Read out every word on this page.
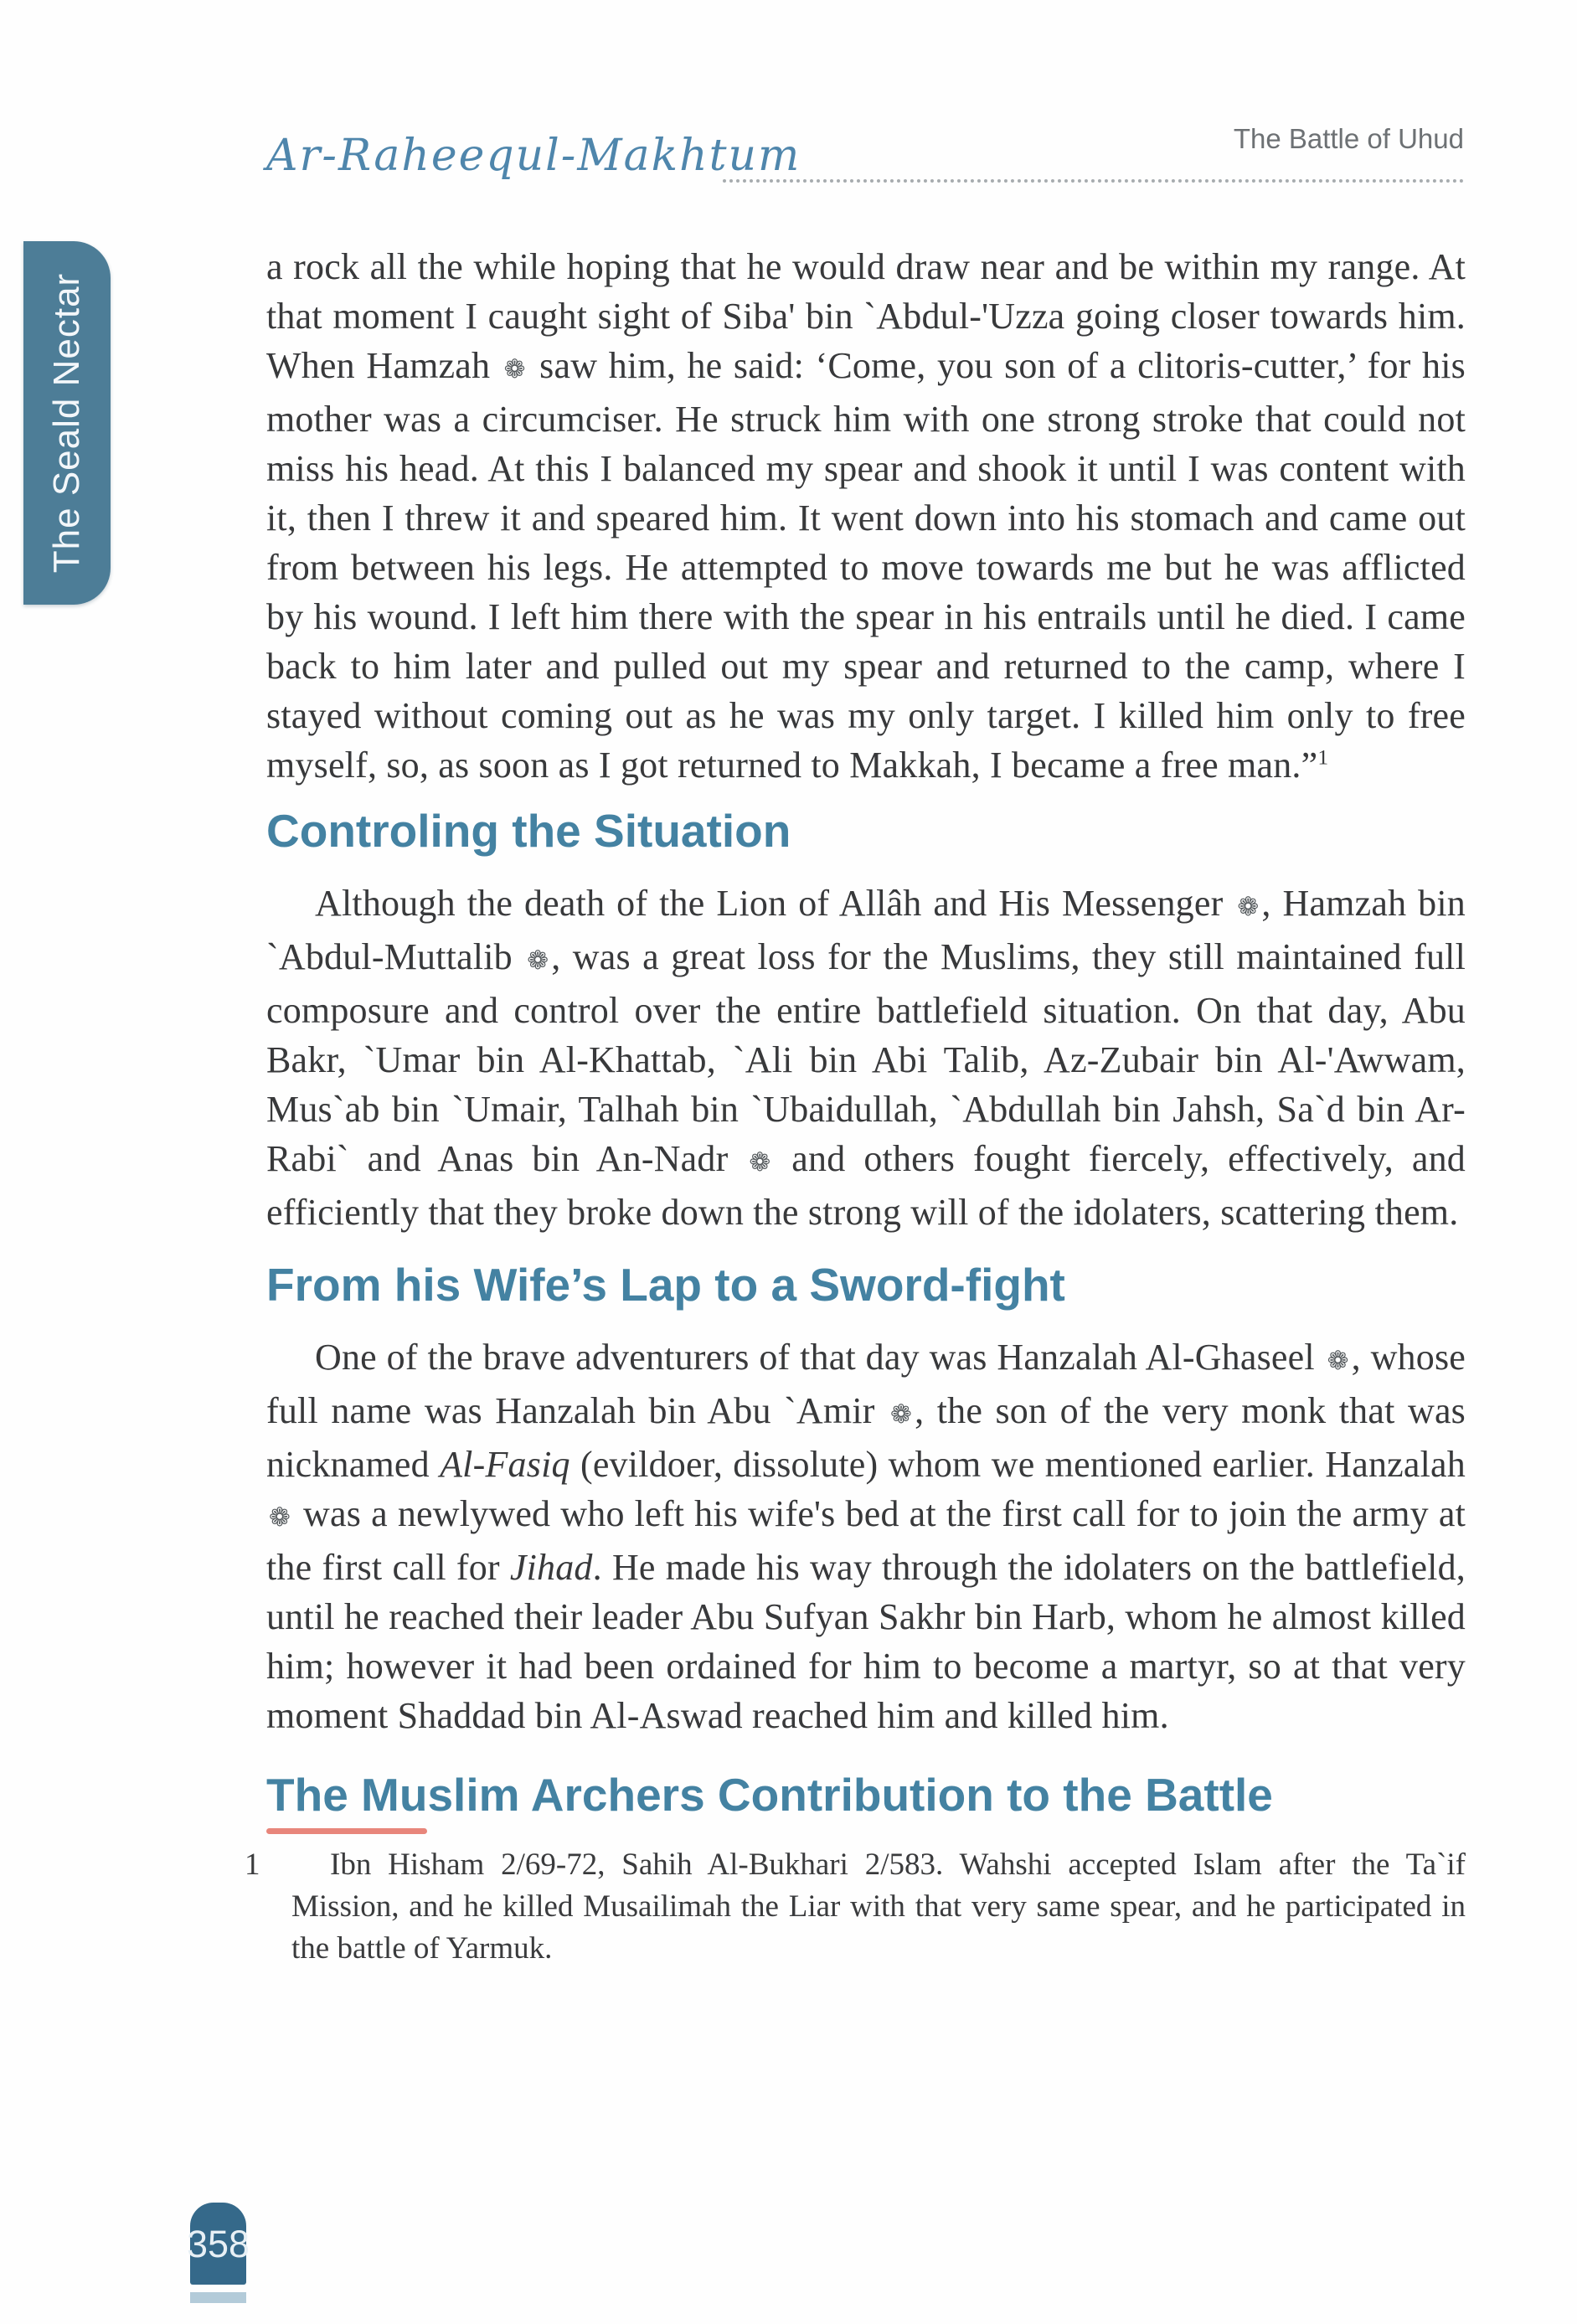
The Seald Nectar
Ar-Raheequl-Makhtum	The Battle of Uhud

a rock all the while hoping that he would draw near and be within my range. At that moment I caught sight of Siba' bin `Abdul-'Uzza going closer towards him. When Hamzah ❁ saw him, he said: ‘Come, you son of a clitoris-cutter,’ for his mother was a circumciser. He struck him with one strong stroke that could not miss his head. At this I balanced my spear and shook it until I was content with it, then I threw it and speared him. It went down into his stomach and came out from between his legs. He attempted to move towards me but he was afflicted by his wound. I left him there with the spear in his entrails until he died. I came back to him later and pulled out my spear and returned to the camp, where I stayed without coming out as he was my only target. I killed him only to free myself, so, as soon as I got returned to Makkah, I became a free man.”$^1$

Controling the Situation

Although the death of the Lion of Allâh and His Messenger ❁, Hamzah bin `Abdul-Muttalib ❁, was a great loss for the Muslims, they still maintained full composure and control over the entire battlefield situation. On that day, Abu Bakr, `Umar bin Al-Khattab, `Ali bin Abi Talib, Az-Zubair bin Al-'Awwam, Mus`ab bin `Umair, Talhah bin `Ubaidullah, `Abdullah bin Jahsh, Sa`d bin Ar-Rabi` and Anas bin An-Nadr ❁ and others fought fiercely, effectively, and efficiently that they broke down the strong will of the idolaters, scattering them.

From his Wife’s Lap to a Sword-fight

One of the brave adventurers of that day was Hanzalah Al-Ghaseel ❁, whose full name was Hanzalah bin Abu `Amir ❁, the son of the very monk that was nicknamed Al-Fasiq (evildoer, dissolute) whom we mentioned earlier. Hanzalah ❁ was a newlywed who left his wife's bed at the first call for to join the army at the first call for Jihad. He made his way through the idolaters on the battlefield, until he reached their leader Abu Sufyan Sakhr bin Harb, whom he almost killed him; however it had been ordained for him to become a martyr, so at that very moment Shaddad bin Al-Aswad reached him and killed him.

The Muslim Archers Contribution to the Battle
1	Ibn Hisham 2/69-72, Sahih Al-Bukhari 2/583. Wahshi accepted Islam after the Ta`if Mission, and he killed Musailimah the Liar with that very same spear, and he participated in the battle of Yarmuk.
358
